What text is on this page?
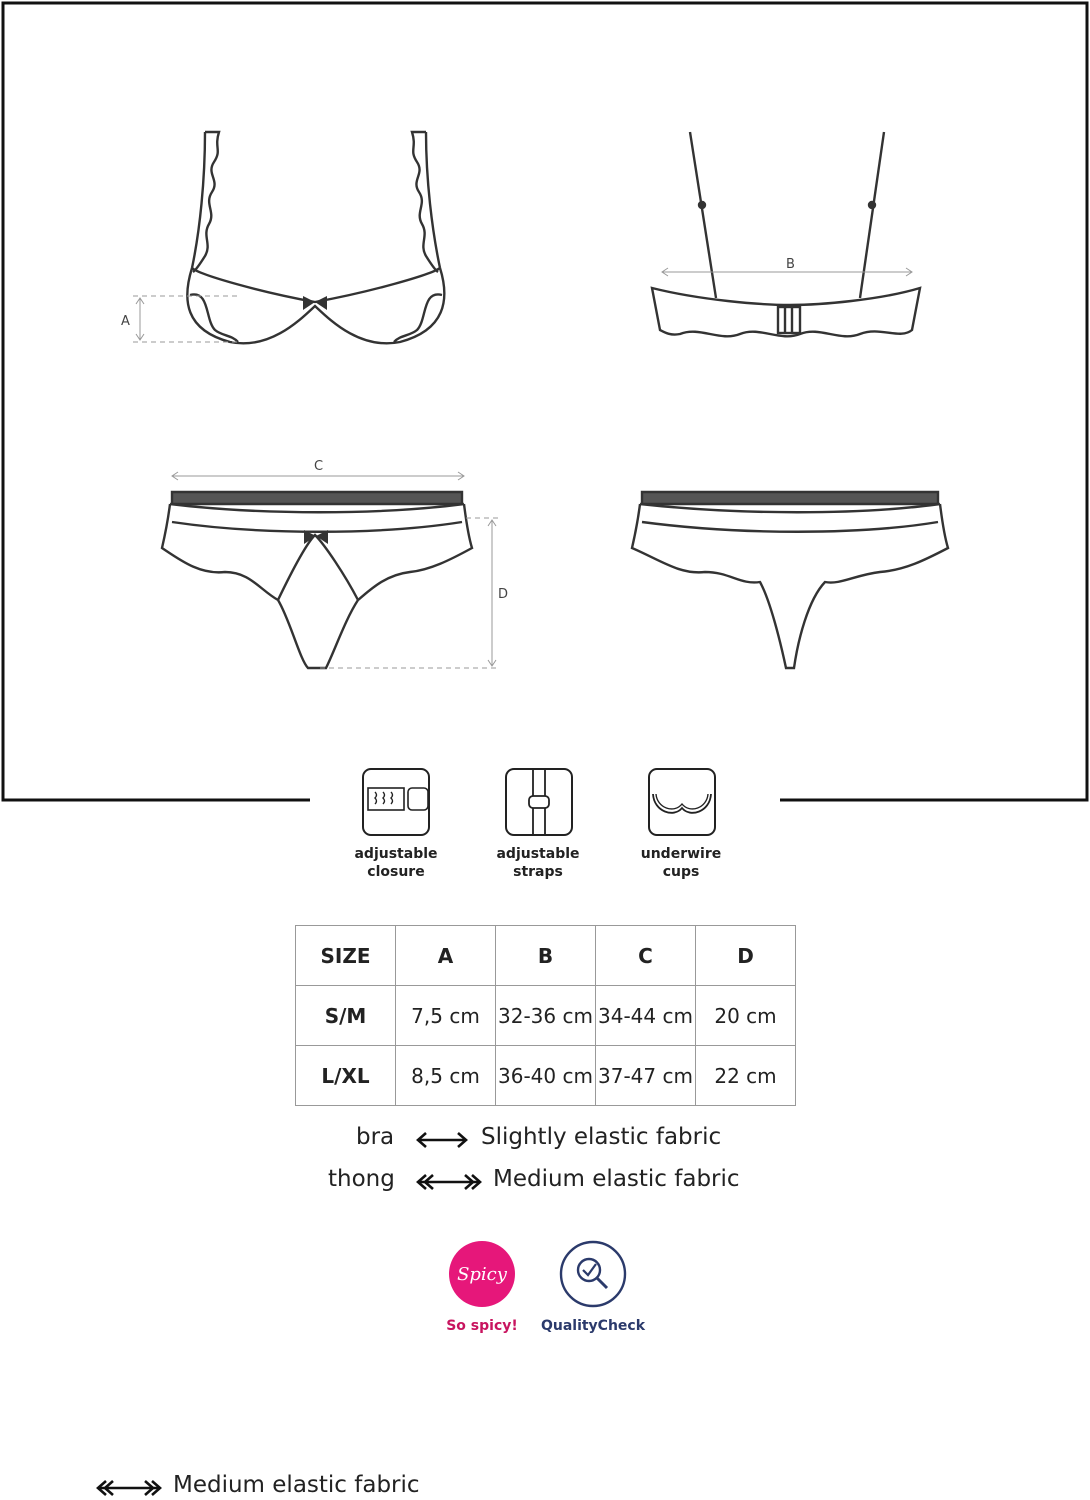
A
B
C
D
adjustable
closure
adjustable
straps
underwire
cups
SIZE	A	B	C	D
S/M	7,5 cm	32-36 cm	34-44 cm	20 cm
L/XL	8,5 cm	36-40 cm	37-47 cm	22 cm
bra	Slightly elastic fabric
thong	Medium elastic fabric
Spicy
So spicy!	QualityCheck
Medium elastic fabric
